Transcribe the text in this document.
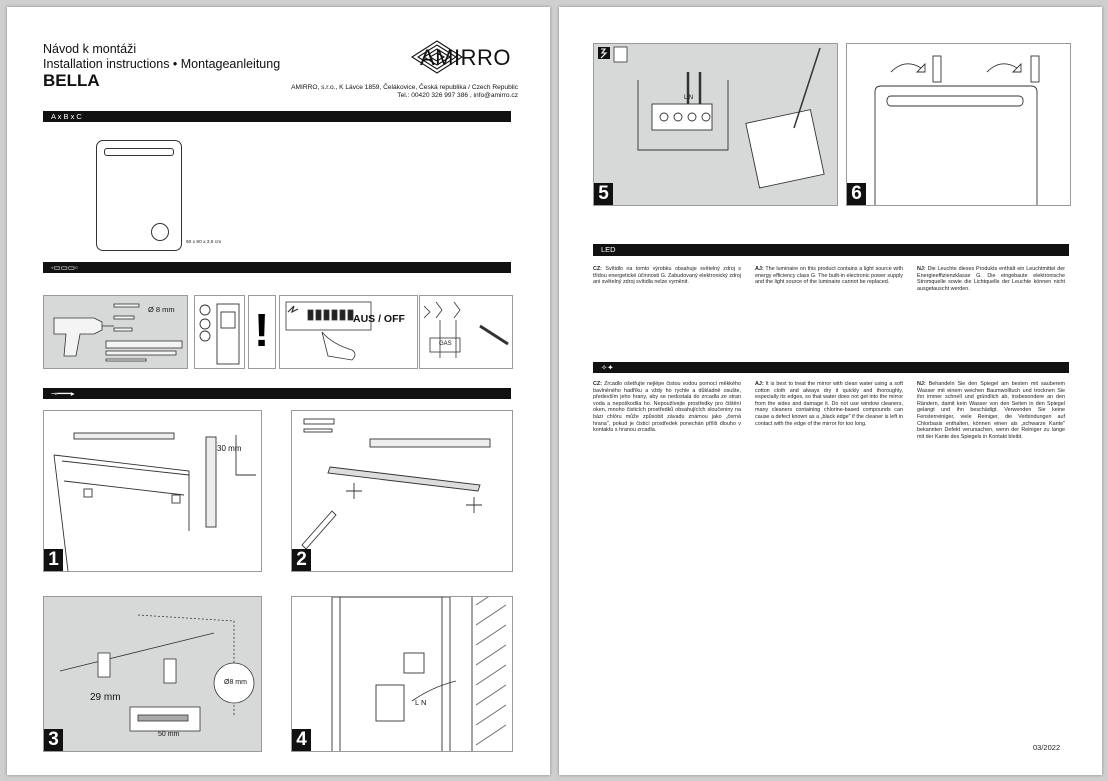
Návod k montáži
Installation instructions • Montageanleitung
BELLA
AMIRRO
AMIRRO, s.r.o., K Lávce 1859, Čelákovice, Česká republika / Czech Republic
Tel.: 00420 326 997 386 , info@amirro.cz
A x B x C
60 x 80 x 3,5 cm
◦▭▭▭▫
Ø 8 mm !	AUS / OFF
GAS
⊸━━━▸
30 mm
1	2
29 mm
50 mm
Ø8 mm
3
L N
4
L N
5	6
LED
CZ: Svítidlo na tomto výrobku obsahuje světelný zdroj s třídou energetické účinnosti G. Zabudovaný elektronický zdroj ani světelný zdroj svítidla nelze vyměnit.
AJ: The luminaire on this product contains a light source with energy efficiency class G. The built-in electronic power supply and the light source of the luminaire cannot be replaced.
NJ: Die Leuchte dieses Produkts enthält ein Leuchtmittel der Energieeffizienzklasse G. Die eingebaute elektronische Stromquelle sowie die Lichtquelle der Leuchte können nicht ausgetauscht werden.
✧✦
CZ: Zrcadlo ošetřujte nejlépe čistou vodou pomocí měkkého bavlněného hadříku a vždy ho rychle a důkladně osušte, především jeho hrany, aby se nedostala do zrcadla ze stran voda a nepoškodila ho. Nepoužívejte prostředky pro čištění oken, mnoho čisticích prostředků obsahujících sloučeniny na bázi chlóru může způsobit závadu známou jako „černá hrana", pokud je čisticí prostředek ponechán příliš dlouho v kontaktu s hranou zrcadla.
AJ: It is best to treat the mirror with clean water using a soft cotton cloth and always dry it quickly and thoroughly, especially its edges, so that water does not get into the mirror from the sides and damage it. Do not use window cleaners, many cleaners containing chlorine-based compounds can cause a defect known as a „black edge" if the cleaner is left in contact with the edge of the mirror for too long.
NJ: Behandeln Sie den Spiegel am besten mit sauberem Wasser mit einem weichen Baumwolltuch und trocknen Sie ihn immer schnell und gründlich ab, insbesondere an den Rändern, damit kein Wasser von den Seiten in den Spiegel gelangt und ihn beschädigt. Verwenden Sie keine Fensterreiniger, viele Reiniger, die Verbindungen auf Chlorbasis enthalten, können einen als „schwarze Kante" bekannten Defekt verursachen, wenn der Reiniger zu lange mit der Kante des Spiegels in Kontakt bleibt.
03/2022
